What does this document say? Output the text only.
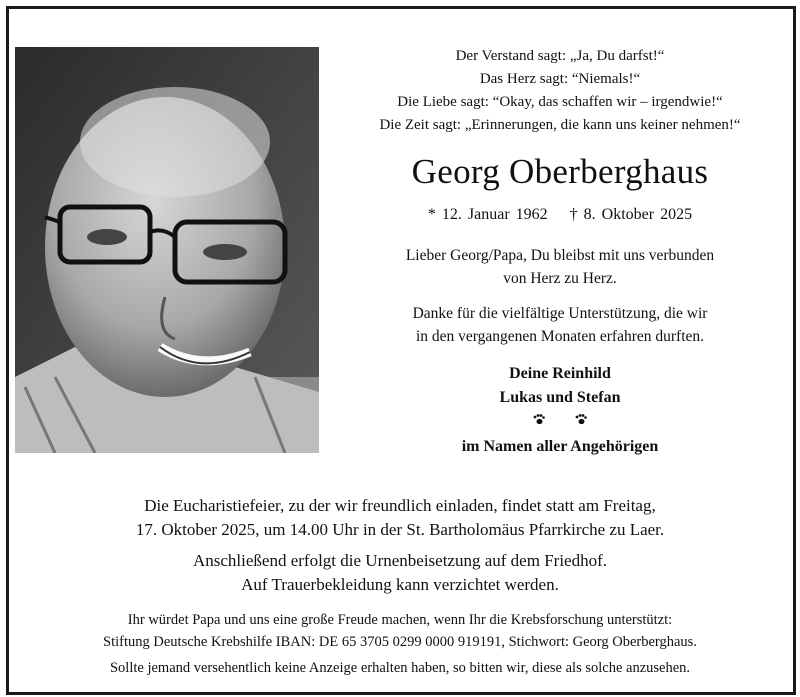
Der Verstand sagt: „Ja, Du darfst!“
Das Herz sagt: “Niemals!“
Die Liebe sagt: “Okay, das schaffen wir – irgendwie!“
Die Zeit sagt: „Erinnerungen, die kann uns keiner nehmen!“
Georg Oberberghaus
* 12. Januar 1962 † 8. Oktober 2025
Lieber Georg/Papa, Du bleibst mit uns verbunden
von Herz zu Herz.
Danke für die vielfältige Unterstützung, die wir
in den vergangenen Monaten erfahren durften.
Deine Reinhild
Lukas und Stefan

im Namen aller Angehörigen
Die Eucharistiefeier, zu der wir freundlich einladen, findet statt am Freitag,
17. Oktober 2025, um 14.00 Uhr in der St. Bartholomäus Pfarrkirche zu Laer.
Anschließend erfolgt die Urnenbeisetzung auf dem Friedhof.
Auf Trauerbekleidung kann verzichtet werden.
Ihr würdet Papa und uns eine große Freude machen, wenn Ihr die Krebsforschung unterstützt:
Stiftung Deutsche Krebshilfe IBAN: DE 65 3705 0299 0000 919191, Stichwort: Georg Oberberghaus.
Sollte jemand versehentlich keine Anzeige erhalten haben, so bitten wir, diese als solche anzusehen.
